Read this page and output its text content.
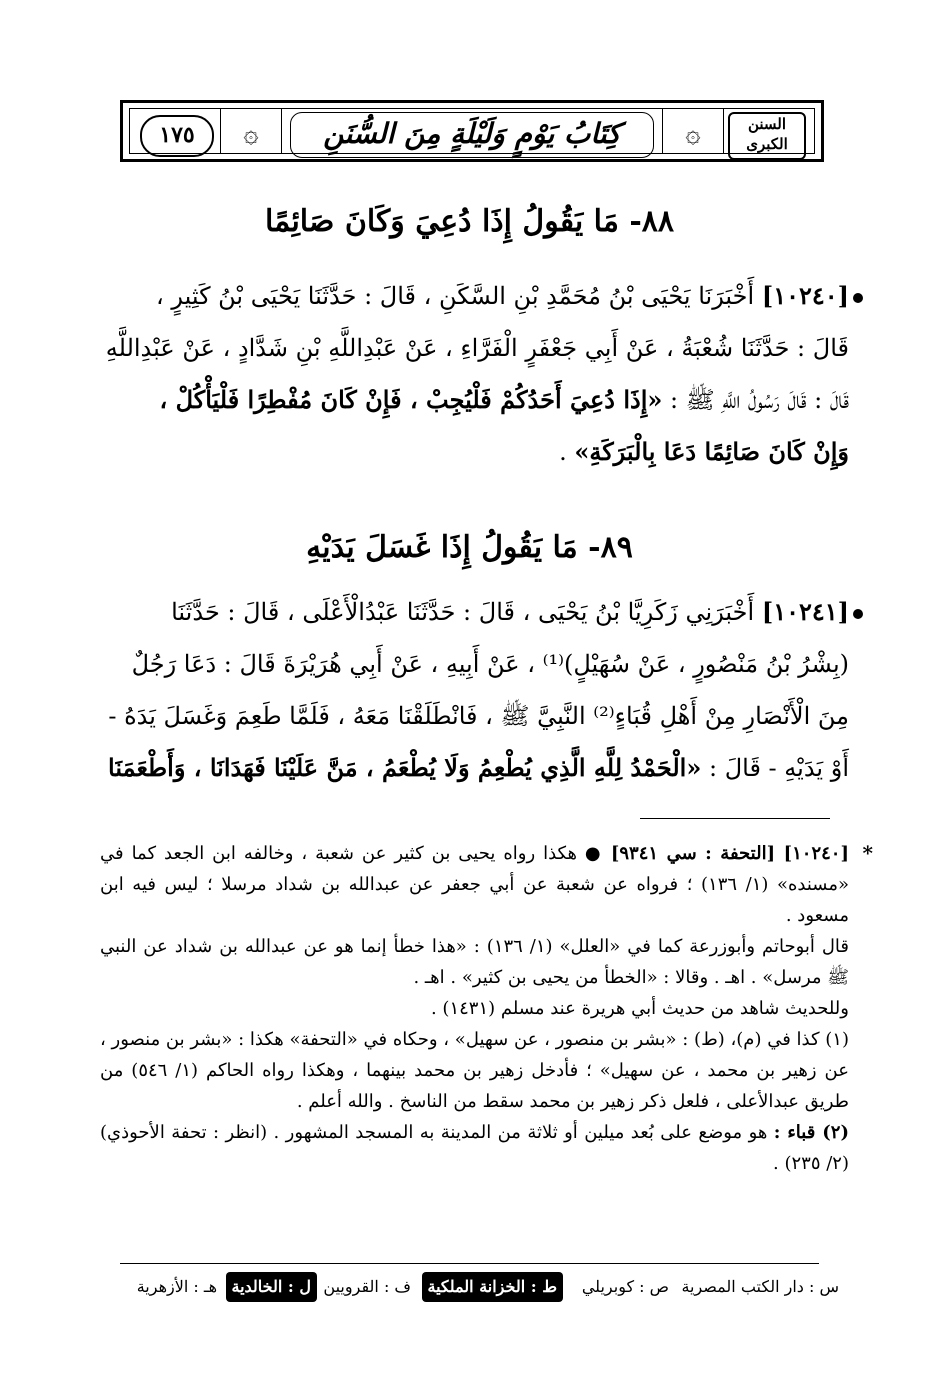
١٧٥	۞	كِتَابُ يَوْمٍ وَلَيْلَةٍ مِنَ السُّنَنِ	۞	السنن
الكبرى
٨٨- مَا يَقُولُ إِذَا دُعِيَ وَكَانَ صَائِمًا
[١٠٢٤٠] أَخْبَرَنَا يَحْيَى بْنُ مُحَمَّدِ بْنِ السَّكَنِ ، قَالَ : حَدَّثَنَا يَحْيَى بْنُ كَثِيرٍ ،
قَالَ : حَدَّثَنَا شُعْبَةُ ، عَنْ أَبِي جَعْفَرٍ الْفَرَّاءِ ، عَنْ عَبْدِاللَّهِ بْنِ شَدَّادٍ ، عَنْ عَبْدِاللَّهِ
قَالَ : قَالَ رَسُولُ اللَّهِ ﷺ : «إِذَا دُعِيَ أَحَدُكُمْ فَلْيُجِبْ ، فَإِنْ كَانَ مُفْطِرًا فَلْيَأْكُلْ ،
وَإِنْ كَانَ صَائِمًا دَعَا بِالْبَرَكَةِ» .
٨٩- مَا يَقُولُ إِذَا غَسَلَ يَدَيْهِ
[١٠٢٤١] أَخْبَرَنِي زَكَرِيَّا بْنُ يَحْيَى ، قَالَ : حَدَّثَنَا عَبْدُالْأَعْلَى ، قَالَ : حَدَّثَنَا
(بِشْرُ بْنُ مَنْصُورٍ ، عَنْ سُهَيْلٍ)⁽¹⁾ ، عَنْ أَبِيهِ ، عَنْ أَبِي هُرَيْرَةَ قَالَ : دَعَا رَجُلٌ
مِنَ الْأَنْصَارِ مِنْ أَهْلِ قُبَاءٍ⁽²⁾ النَّبِيَّ ﷺ ، فَانْطَلَقْنَا مَعَهُ ، فَلَمَّا طَعِمَ وَغَسَلَ يَدَهُ -
أَوْ يَدَيْهِ - قَالَ : «الْحَمْدُ لِلَّهِ الَّذِي يُطْعِمُ وَلَا يُطْعَمُ ، مَنَّ عَلَيْنَا فَهَدَانَا ، وَأَطْعَمَنَا
*

[١٠٢٤٠] [التحفة : سي ٩٣٤١] ● هكذا رواه يحيى بن كثير عن شعبة ، وخالفه ابن الجعد كما في «مسنده» (١/ ١٣٦) ؛ فرواه عن شعبة عن أبي جعفر عن عبدالله بن شداد مرسلا ؛ ليس فيه ابن مسعود .

قال أبوحاتم وأبوزرعة كما في «العلل» (١/ ١٣٦) : «هذا خطأ إنما هو عن عبدالله بن شداد عن النبي ﷺ مرسل» . اهـ . وقالا : «الخطأ من يحيى بن كثير» . اهـ .

وللحديث شاهد من حديث أبي هريرة عند مسلم (١٤٣١) .

(١) كذا في (م)، (ط) : «بشر بن منصور ، عن سهيل» ، وحكاه في «التحفة» هكذا : «بشر بن منصور ، عن زهير بن محمد ، عن سهيل» ؛ فأدخل زهير بن محمد بينهما ، وهكذا رواه الحاكم (١/ ٥٤٦) من طريق عبدالأعلى ، فلعل ذكر زهير بن محمد سقط من الناسخ . والله أعلم .

(٢) قباء : هو موضع على بُعد ميلين أو ثلاثة من المدينة به المسجد المشهور . (انظر : تحفة الأحوذي) (٢/ ٢٣٥) .

س : دار الكتب المصرية
ص : كوبريلي
ط : الخزانة الملكية
ف : القرويين
ل : الخالدية
هـ : الأزهرية
